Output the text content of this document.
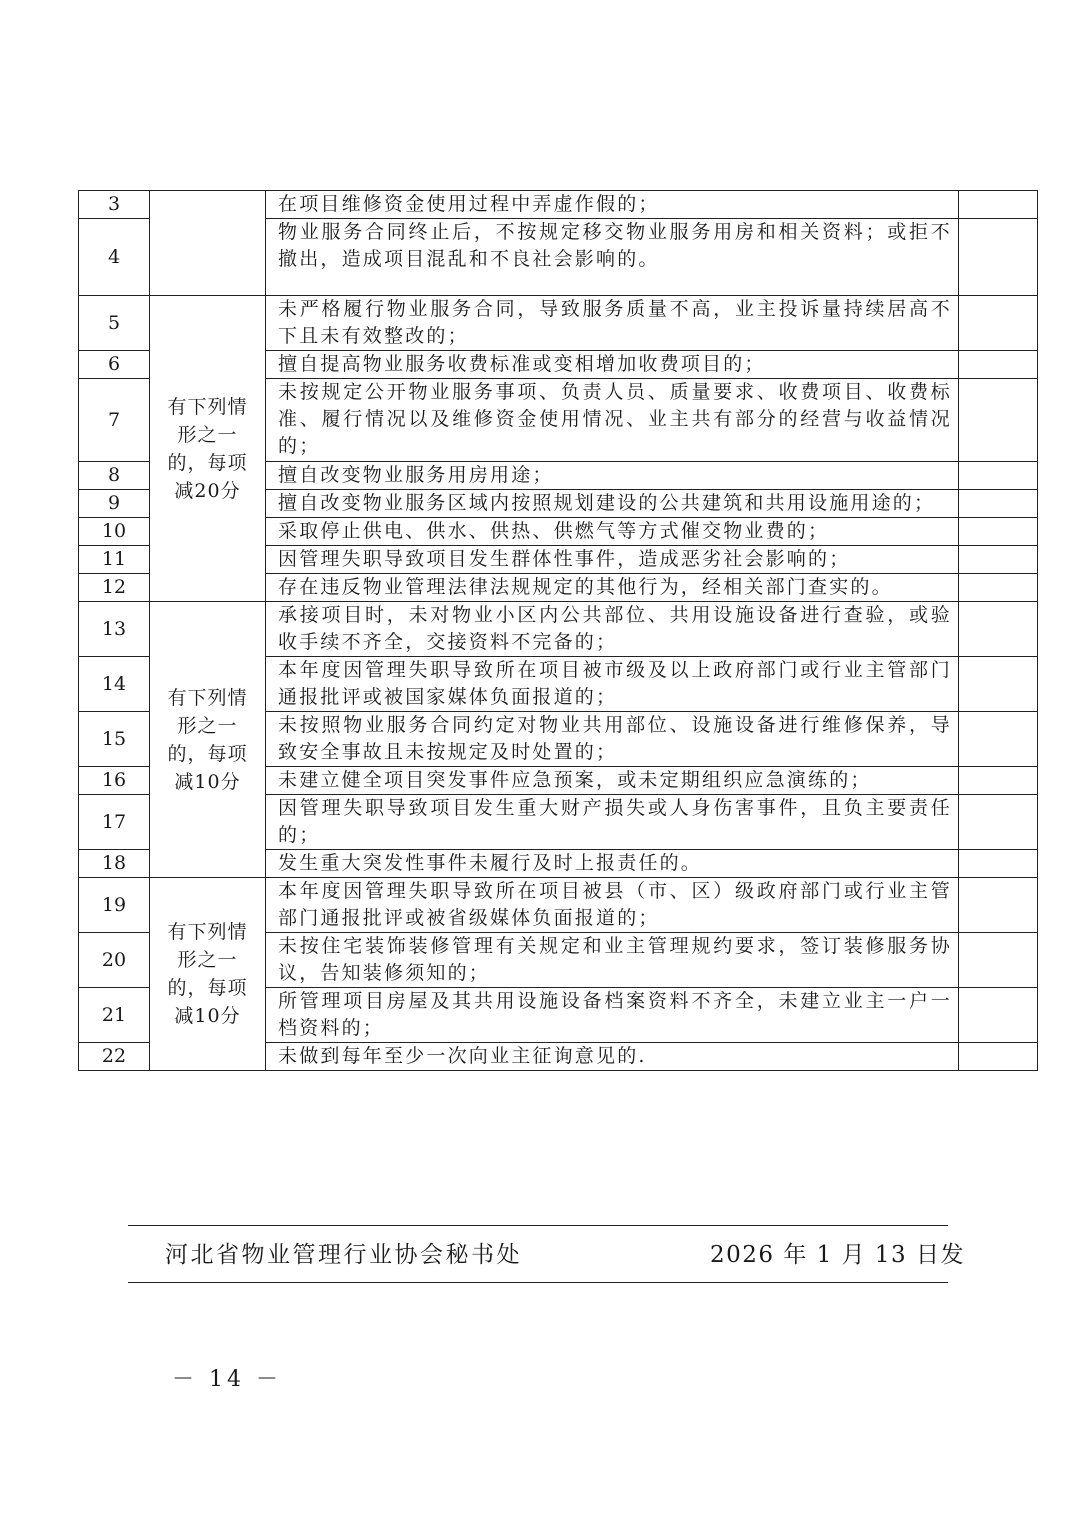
3		在项目维修资金使用过程中弄虚作假的；	
4		物业服务合同终止后，不按规定移交物业服务用房和相关资料；或拒不撤出，造成项目混乱和不良社会影响的。	
5	有下列情形之一的，每项减20分	未严格履行物业服务合同，导致服务质量不高，业主投诉量持续居高不下且未有效整改的；	
6		擅自提高物业服务收费标准或变相增加收费项目的；	
7		未按规定公开物业服务事项、负责人员、质量要求、收费项目、收费标准、履行情况以及维修资金使用情况、业主共有部分的经营与收益情况的；	
8		擅自改变物业服务用房用途；	
9		擅自改变物业服务区域内按照规划建设的公共建筑和共用设施用途的；	
10		采取停止供电、供水、供热、供燃气等方式催交物业费的；	
11		因管理失职导致项目发生群体性事件，造成恶劣社会影响的；	
12		存在违反物业管理法律法规规定的其他行为，经相关部门查实的。	
13	有下列情形之一的，每项减10分	承接项目时，未对物业小区内公共部位、共用设施设备进行查验，或验收手续不齐全，交接资料不完备的；	
14		本年度因管理失职导致所在项目被市级及以上政府部门或行业主管部门通报批评或被国家媒体负面报道的；	
15		未按照物业服务合同约定对物业共用部位、设施设备进行维修保养，导致安全事故且未按规定及时处置的；	
16		未建立健全项目突发事件应急预案，或未定期组织应急演练的；	
17		因管理失职导致项目发生重大财产损失或人身伤害事件，且负主要责任的；	
18		发生重大突发性事件未履行及时上报责任的。	
19	有下列情形之一的，每项减10分	本年度因管理失职导致所在项目被县（市、区）级政府部门或行业主管部门通报批评或被省级媒体负面报道的；	
20		未按住宅装饰装修管理有关规定和业主管理规约要求，签订装修服务协议，告知装修须知的；	
21		所管理项目房屋及其共用设施设备档案资料不齐全，未建立业主一户一档资料的；	
22		未做到每年至少一次向业主征询意见的.	
河北省物业管理行业协会秘书处	2026 年 1 月 13 日发
－ 14 －
